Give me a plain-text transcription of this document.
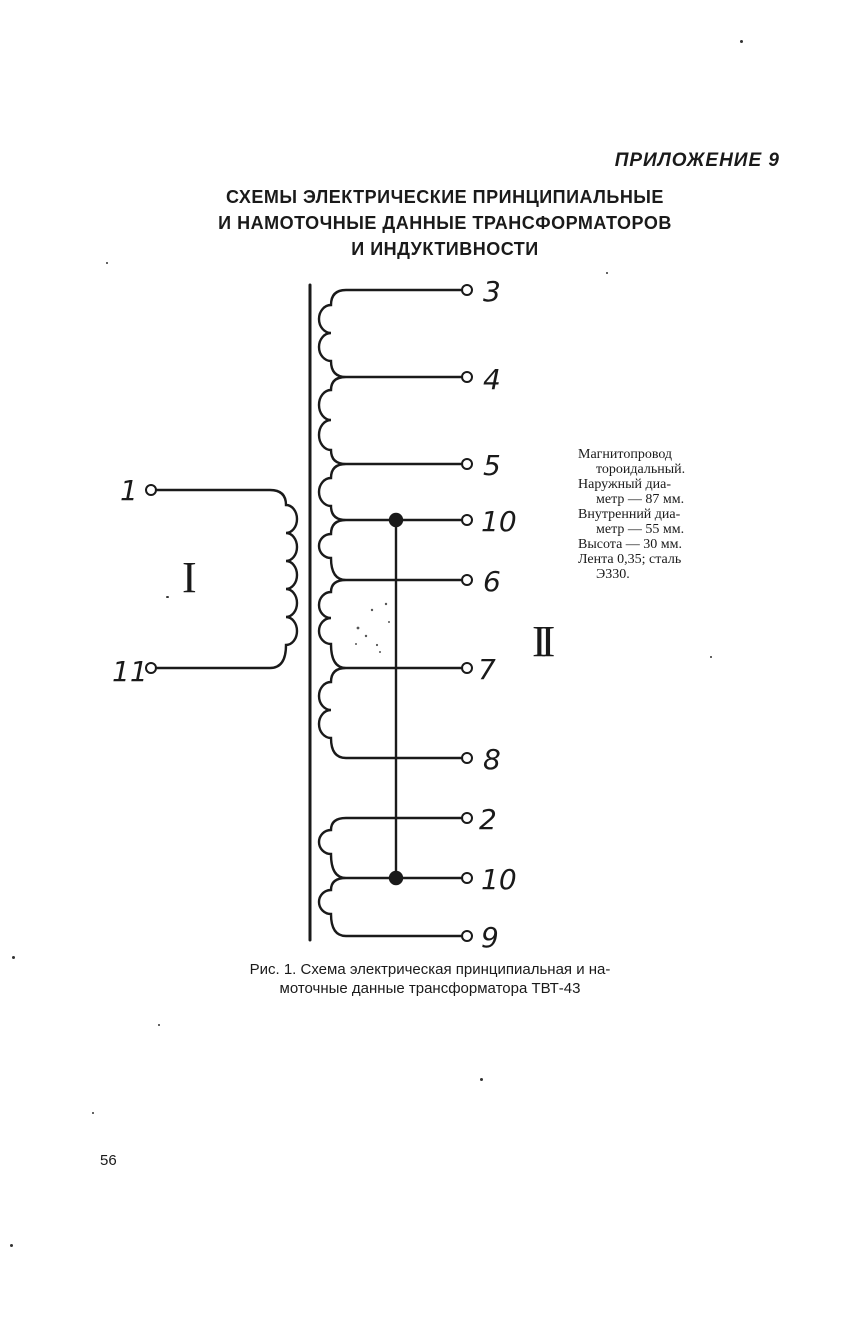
ПРИЛОЖЕНИЕ 9
СХЕМЫ ЭЛЕКТРИЧЕСКИЕ ПРИНЦИПИАЛЬНЫЕ
И НАМОТОЧНЫЕ ДАННЫЕ ТРАНСФОРМАТОРОВ
И ИНДУКТИВНОСТИ
1
11
3
4
5
10
6
7
8
2
10
9
I
II
Магнитопровод
тороидальный.
Наружный диа-
метр — 87 мм.
Внутренний диа-
метр — 55 мм.
Высота — 30 мм.
Лента 0,35; сталь
Э330.
Рис. 1. Схема электрическая принципиальная и на-
моточные данные трансформатора ТВТ-43
56
